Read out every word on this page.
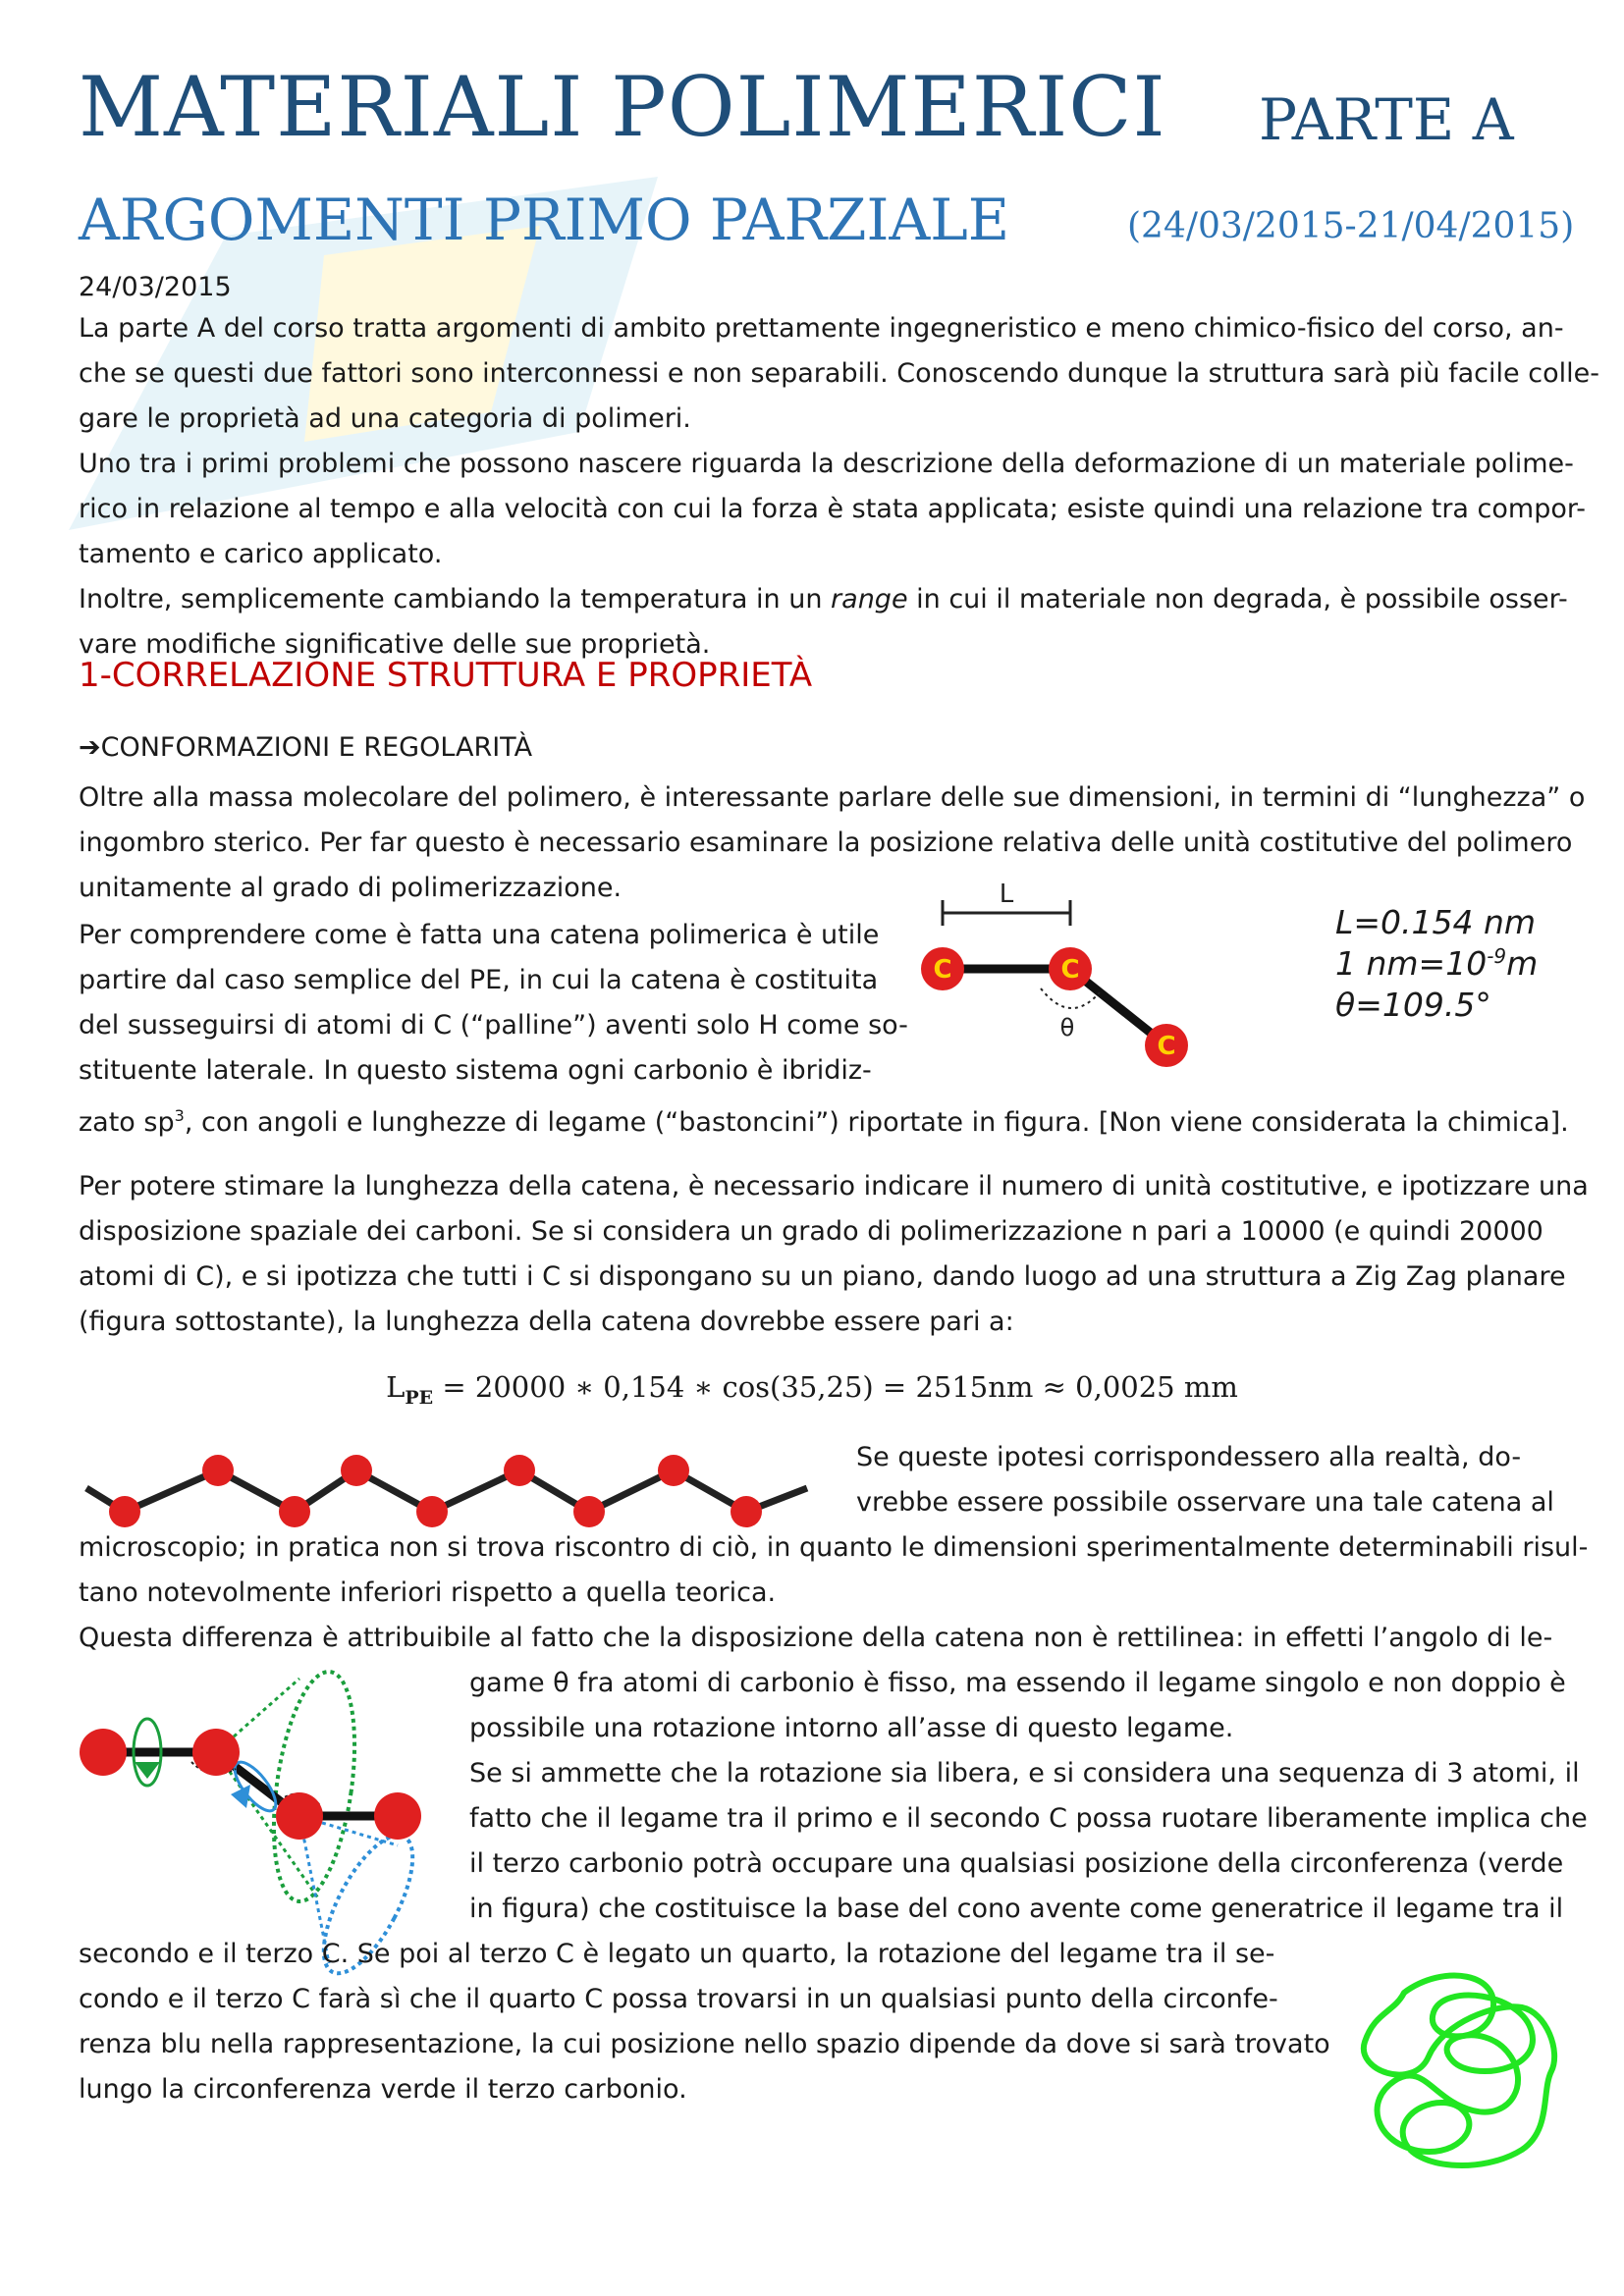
MATERIALI POLIMERICI PARTE A
ARGOMENTI PRIMO PARZIALE	(24/03/2015-21/04/2015)
24/03/2015
La parte A del corso tratta argomenti di ambito prettamente ingegneristico e meno chimico-fisico del corso, an-
che se questi due fattori sono interconnessi e non separabili. Conoscendo dunque la struttura sarà più facile colle-
gare le proprietà ad una categoria di polimeri.
Uno tra i primi problemi che possono nascere riguarda la descrizione della deformazione di un materiale polime-
rico in relazione al tempo e alla velocità con cui la forza è stata applicata; esiste quindi una relazione tra compor-
tamento e carico applicato.
Inoltre, semplicemente cambiando la temperatura in un range in cui il materiale non degrada, è possibile osser-
vare modifiche significative delle sue proprietà.
1-CORRELAZIONE STRUTTURA E PROPRIETÀ
➔CONFORMAZIONI E REGOLARITÀ
Oltre alla massa molecolare del polimero, è interessante parlare delle sue dimensioni, in termini di “lunghezza” o
ingombro sterico. Per far questo è necessario esaminare la posizione relativa delle unità costitutive del polimero
unitamente al grado di polimerizzazione.
Per comprendere come è fatta una catena polimerica è utile
partire dal caso semplice del PE, in cui la catena è costituita
del susseguirsi di atomi di C (“palline”) aventi solo H come so-
stituente laterale. In questo sistema ogni carbonio è ibridiz-
zato $sp^3$, con angoli e lunghezze di legame (“bastoncini”) riportate in figura. [Non viene considerata la chimica].
L
θ
C	C
C
L=0.154 nm
1 $nm=10^{-9}m$
θ=109.5°
Per potere stimare la lunghezza della catena, è necessario indicare il numero di unità costitutive, e ipotizzare una
disposizione spaziale dei carboni. Se si considera un grado di polimerizzazione n pari a 10000 (e quindi 20000
atomi di C), e si ipotizza che tutti i C si dispongano su un piano, dando luogo ad una struttura a Zig Zag planare
(figura sottostante), la lunghezza della catena dovrebbe essere pari a:
$L_{PE} = 20000$ ∗ 0,154 ∗ cos(35,25) = 2515nm ≈ 0,0025 mm
Se queste ipotesi corrispondessero alla realtà, do-
vrebbe essere possibile osservare una tale catena al
microscopio; in pratica non si trova riscontro di ciò, in quanto le dimensioni sperimentalmente determinabili risul-
tano notevolmente inferiori rispetto a quella teorica.
Questa differenza è attribuibile al fatto che la disposizione della catena non è rettilinea: in effetti l’angolo di le-
game θ fra atomi di carbonio è fisso, ma essendo il legame singolo e non doppio è
possibile una rotazione intorno all’asse di questo legame.
Se si ammette che la rotazione sia libera, e si considera una sequenza di 3 atomi, il
fatto che il legame tra il primo e il secondo C possa ruotare liberamente implica che
il terzo carbonio potrà occupare una qualsiasi posizione della circonferenza (verde
in figura) che costituisce la base del cono avente come generatrice il legame tra il
secondo e il terzo C. Se poi al terzo C è legato un quarto, la rotazione del legame tra il se-
condo e il terzo C farà sì che il quarto C possa trovarsi in un qualsiasi punto della circonfe-
renza blu nella rappresentazione, la cui posizione nello spazio dipende da dove si sarà trovato
lungo la circonferenza verde il terzo carbonio.
